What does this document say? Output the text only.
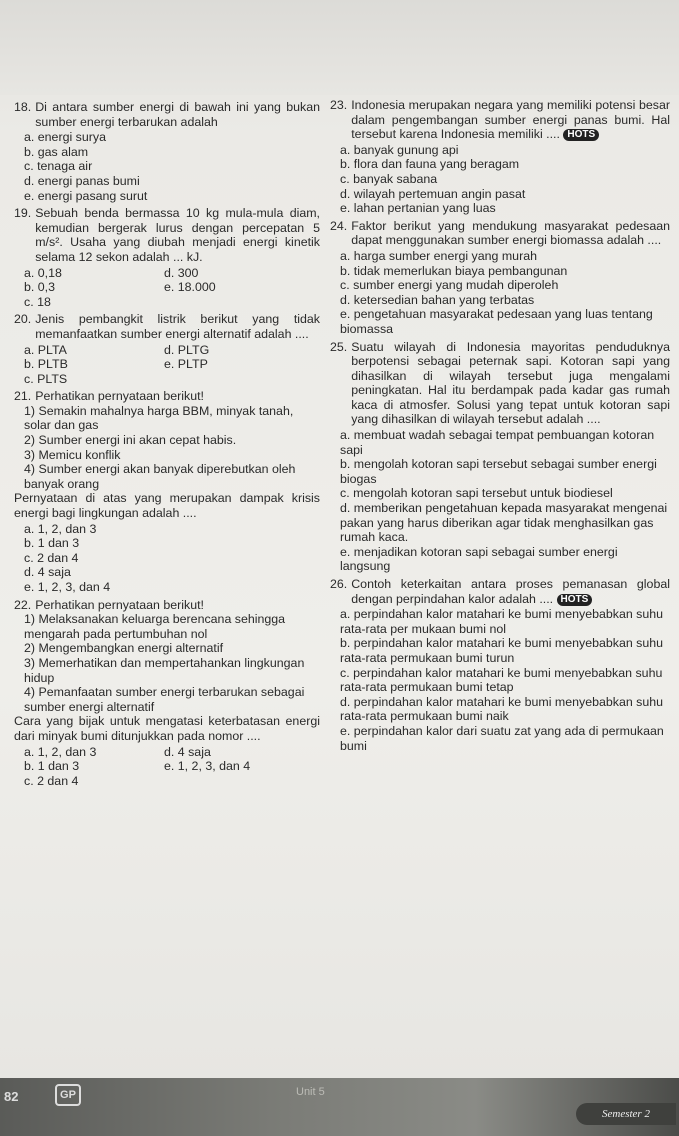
18. Di antara sumber energi di bawah ini yang bukan sumber energi terbarukan adalah
a. energi surya
b. gas alam
c. tenaga air
d. energi panas bumi
e. energi pasang surut
19. Sebuah benda bermassa 10 kg mula-mula diam, kemudian bergerak lurus dengan percepatan 5 m/s². Usaha yang diubah menjadi energi kinetik selama 12 sekon adalah ... kJ.
a. 0,18	d. 300
b. 0,3	e. 18.000
c. 18
20. Jenis pembangkit listrik berikut yang tidak memanfaatkan sumber energi alternatif adalah ....
a. PLTA	d. PLTG
b. PLTB	e. PLTP
c. PLTS
21. Perhatikan pernyataan berikut!
1) Semakin mahalnya harga BBM, minyak tanah, solar dan gas
2) Sumber energi ini akan cepat habis.
3) Memicu konflik
4) Sumber energi akan banyak diperebutkan oleh banyak orang
Pernyataan di atas yang merupakan dampak krisis energi bagi lingkungan adalah ....
a. 1, 2, dan 3
b. 1 dan 3
c. 2 dan 4
d. 4 saja
e. 1, 2, 3, dan 4
22. Perhatikan pernyataan berikut!
1) Melaksanakan keluarga berencana sehingga mengarah pada pertumbuhan nol
2) Mengembangkan energi alternatif
3) Memerhatikan dan mempertahankan lingkungan hidup
4) Pemanfaatan sumber energi terbarukan sebagai sumber energi alternatif
Cara yang bijak untuk mengatasi keterbatasan energi dari minyak bumi ditunjukkan pada nomor ....
a. 1, 2, dan 3	d. 4 saja
b. 1 dan 3	e. 1, 2, 3, dan 4
c. 2 dan 4
23. Indonesia merupakan negara yang memiliki potensi besar dalam pengembangan sumber energi panas bumi. Hal tersebut karena Indonesia memiliki .... HOTS
a. banyak gunung api
b. flora dan fauna yang beragam
c. banyak sabana
d. wilayah pertemuan angin pasat
e. lahan pertanian yang luas
24. Faktor berikut yang mendukung masyarakat pedesaan dapat menggunakan sumber energi biomassa adalah ....
a. harga sumber energi yang murah
b. tidak memerlukan biaya pembangunan
c. sumber energi yang mudah diperoleh
d. ketersedian bahan yang terbatas
e. pengetahuan masyarakat pedesaan yang luas tentang biomassa
25. Suatu wilayah di Indonesia mayoritas penduduknya berpotensi sebagai peternak sapi. Kotoran sapi yang dihasilkan di wilayah tersebut juga mengalami peningkatan. Hal itu berdampak pada kadar gas rumah kaca di atmosfer. Solusi yang tepat untuk kotoran sapi yang dihasilkan di wilayah tersebut adalah ....
a. membuat wadah sebagai tempat pembuangan kotoran sapi
b. mengolah kotoran sapi tersebut sebagai sumber energi biogas
c. mengolah kotoran sapi tersebut untuk biodiesel
d. memberikan pengetahuan kepada masyarakat mengenai pakan yang harus diberikan agar tidak menghasilkan gas rumah kaca.
e. menjadikan kotoran sapi sebagai sumber energi langsung
26. Contoh keterkaitan antara proses pemanasan global dengan perpindahan kalor adalah .... HOTS
a. perpindahan kalor matahari ke bumi menyebabkan suhu rata-rata per mukaan bumi nol
b. perpindahan kalor matahari ke bumi menyebabkan suhu rata-rata permukaan bumi turun
c. perpindahan kalor matahari ke bumi menyebabkan suhu rata-rata permukaan bumi tetap
d. perpindahan kalor matahari ke bumi menyebabkan suhu rata-rata permukaan bumi naik
e. perpindahan kalor dari suatu zat yang ada di permukaan bumi
82	GP	Unit 5
Semester 2
